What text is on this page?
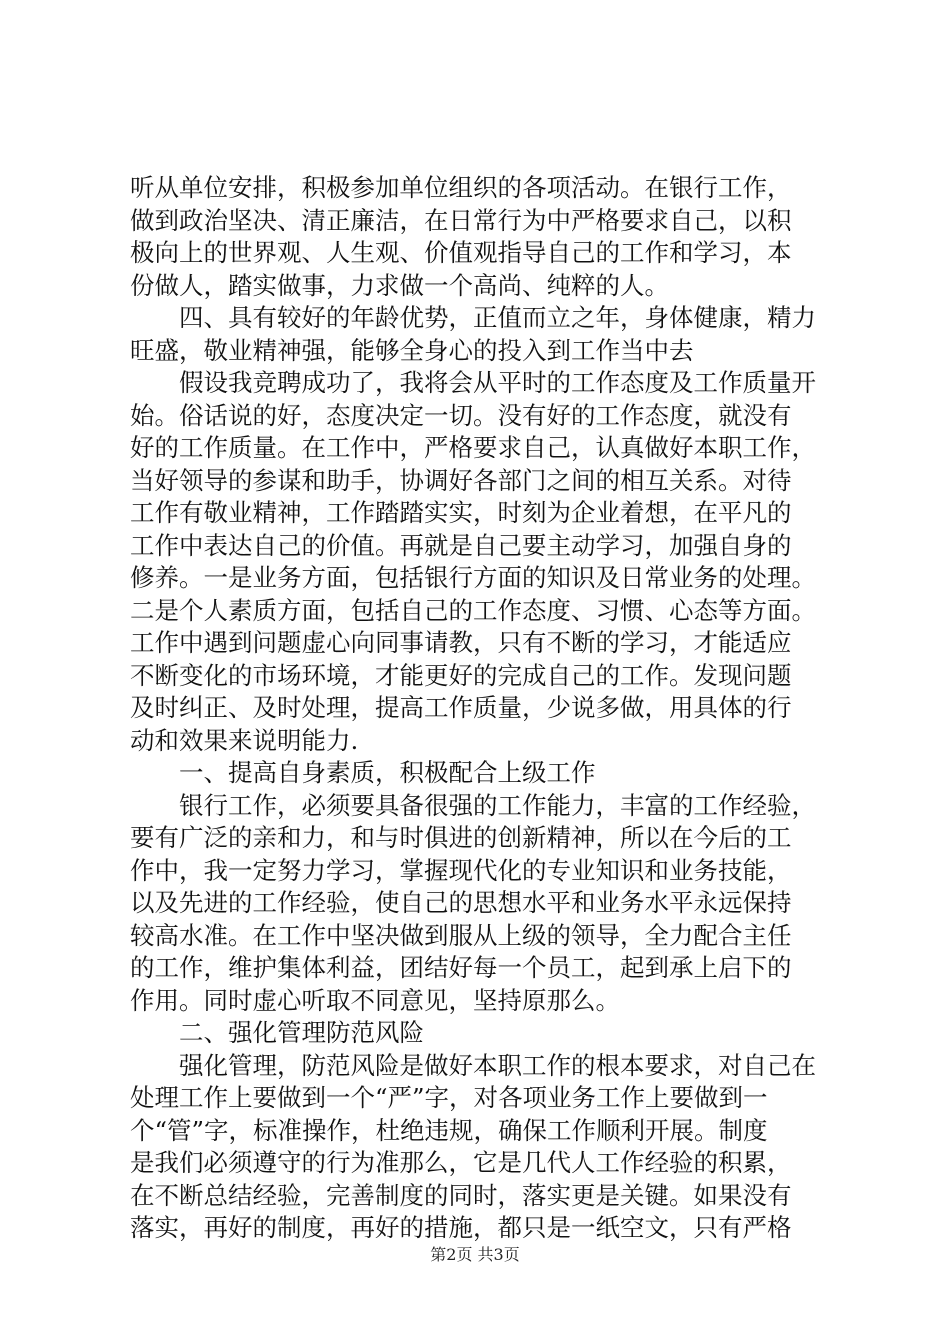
听从单位安排，积极参加单位组织的各项活动。在银行工作，
做到政治坚决、清正廉洁，在日常行为中严格要求自己，以积
极向上的世界观、人生观、价值观指导自己的工作和学习，本
份做人，踏实做事，力求做一个高尚、纯粹的人。
四、具有较好的年龄优势，正值而立之年，身体健康，精力
旺盛，敬业精神强，能够全身心的投入到工作当中去
假设我竞聘成功了，我将会从平时的工作态度及工作质量开
始。俗话说的好，态度决定一切。没有好的工作态度，就没有
好的工作质量。在工作中，严格要求自己，认真做好本职工作，
当好领导的参谋和助手，协调好各部门之间的相互关系。对待
工作有敬业精神，工作踏踏实实，时刻为企业着想，在平凡的
工作中表达自己的价值。再就是自己要主动学习，加强自身的
修养。一是业务方面，包括银行方面的知识及日常业务的处理。
二是个人素质方面，包括自己的工作态度、习惯、心态等方面。
工作中遇到问题虚心向同事请教，只有不断的学习，才能适应
不断变化的市场环境，才能更好的完成自己的工作。发现问题
及时纠正、及时处理，提高工作质量，少说多做，用具体的行
动和效果来说明能力.
一、提高自身素质，积极配合上级工作
银行工作，必须要具备很强的工作能力，丰富的工作经验，
要有广泛的亲和力，和与时俱进的创新精神，所以在今后的工
作中，我一定努力学习，掌握现代化的专业知识和业务技能，
以及先进的工作经验，使自己的思想水平和业务水平永远保持
较高水准。在工作中坚决做到服从上级的领导，全力配合主任
的工作，维护集体利益，团结好每一个员工，起到承上启下的
作用。同时虚心听取不同意见，坚持原那么。
二、强化管理防范风险
强化管理，防范风险是做好本职工作的根本要求，对自己在
处理工作上要做到一个“严”字，对各项业务工作上要做到一
个“管”字，标准操作，杜绝违规，确保工作顺利开展。制度
是我们必须遵守的行为准那么，它是几代人工作经验的积累，
在不断总结经验，完善制度的同时，落实更是关键。如果没有
落实，再好的制度，再好的措施，都只是一纸空文，只有严格
第2页 共3页
